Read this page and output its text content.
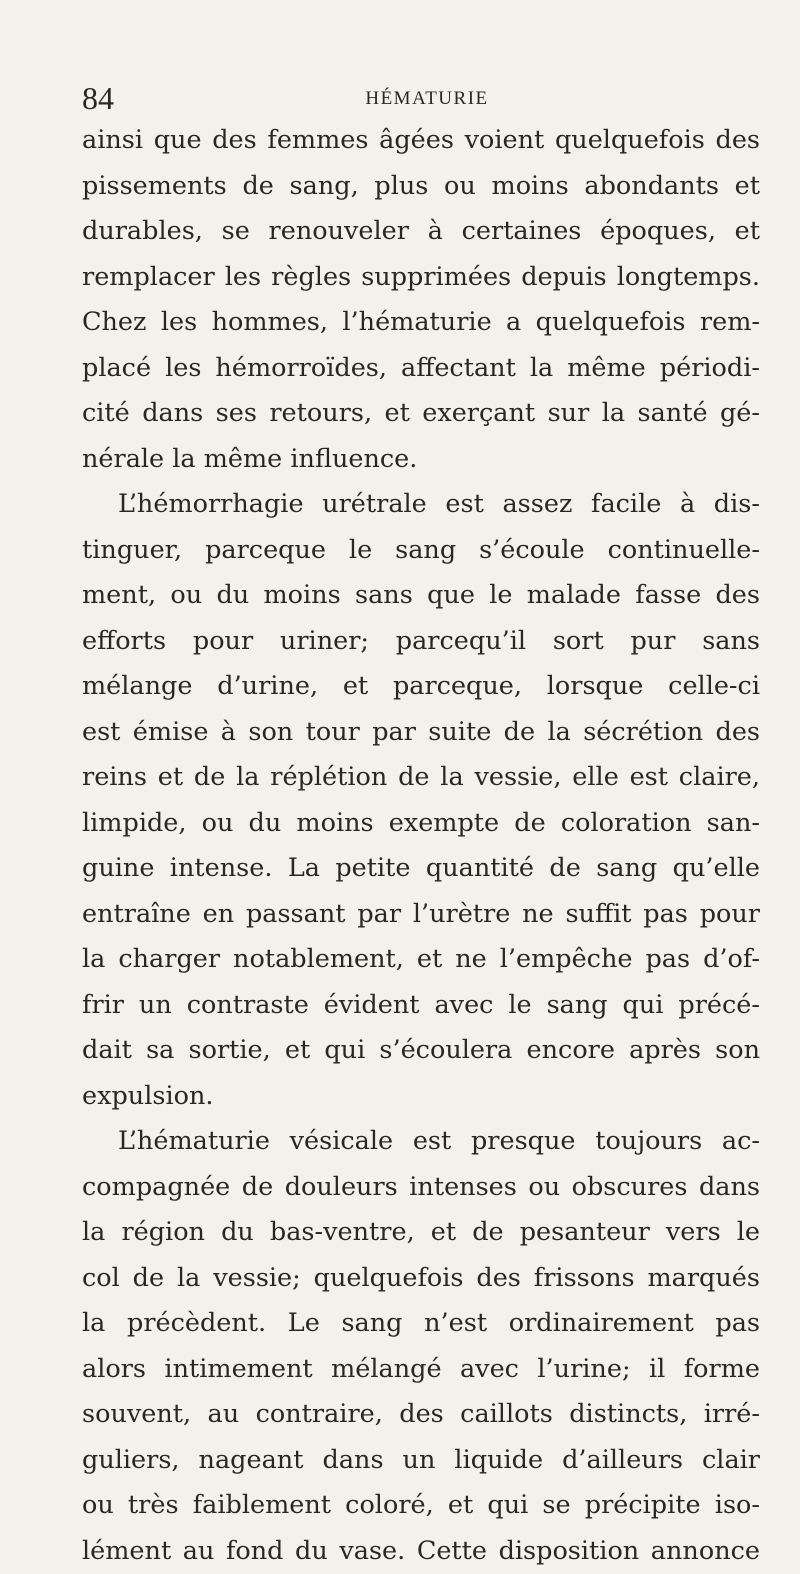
84	HÉMATURIE
ainsi que des femmes âgées voient quelquefois des
pissements de sang, plus ou moins abondants et
durables, se renouveler à certaines époques, et
remplacer les règles supprimées depuis longtemps.
Chez les hommes, l’hématurie a quelquefois rem-
placé les hémorroïdes, affectant la même périodi-
cité dans ses retours, et exerçant sur la santé gé-
nérale la même influence.
L’hémorrhagie urétrale est assez facile à dis-
tinguer, parceque le sang s’écoule continuelle-
ment, ou du moins sans que le malade fasse des
efforts pour uriner; parcequ’il sort pur sans
mélange d’urine, et parceque, lorsque celle-ci
est émise à son tour par suite de la sécrétion des
reins et de la réplétion de la vessie, elle est claire,
limpide, ou du moins exempte de coloration san-
guine intense. La petite quantité de sang qu’elle
entraîne en passant par l’urètre ne suffit pas pour
la charger notablement, et ne l’empêche pas d’of-
frir un contraste évident avec le sang qui précé-
dait sa sortie, et qui s’écoulera encore après son
expulsion.
L’hématurie vésicale est presque toujours ac-
compagnée de douleurs intenses ou obscures dans
la région du bas-ventre, et de pesanteur vers le
col de la vessie; quelquefois des frissons marqués
la précèdent. Le sang n’est ordinairement pas
alors intimement mélangé avec l’urine; il forme
souvent, au contraire, des caillots distincts, irré-
guliers, nageant dans un liquide d’ailleurs clair
ou très faiblement coloré, et qui se précipite iso-
lément au fond du vase. Cette disposition annonce
